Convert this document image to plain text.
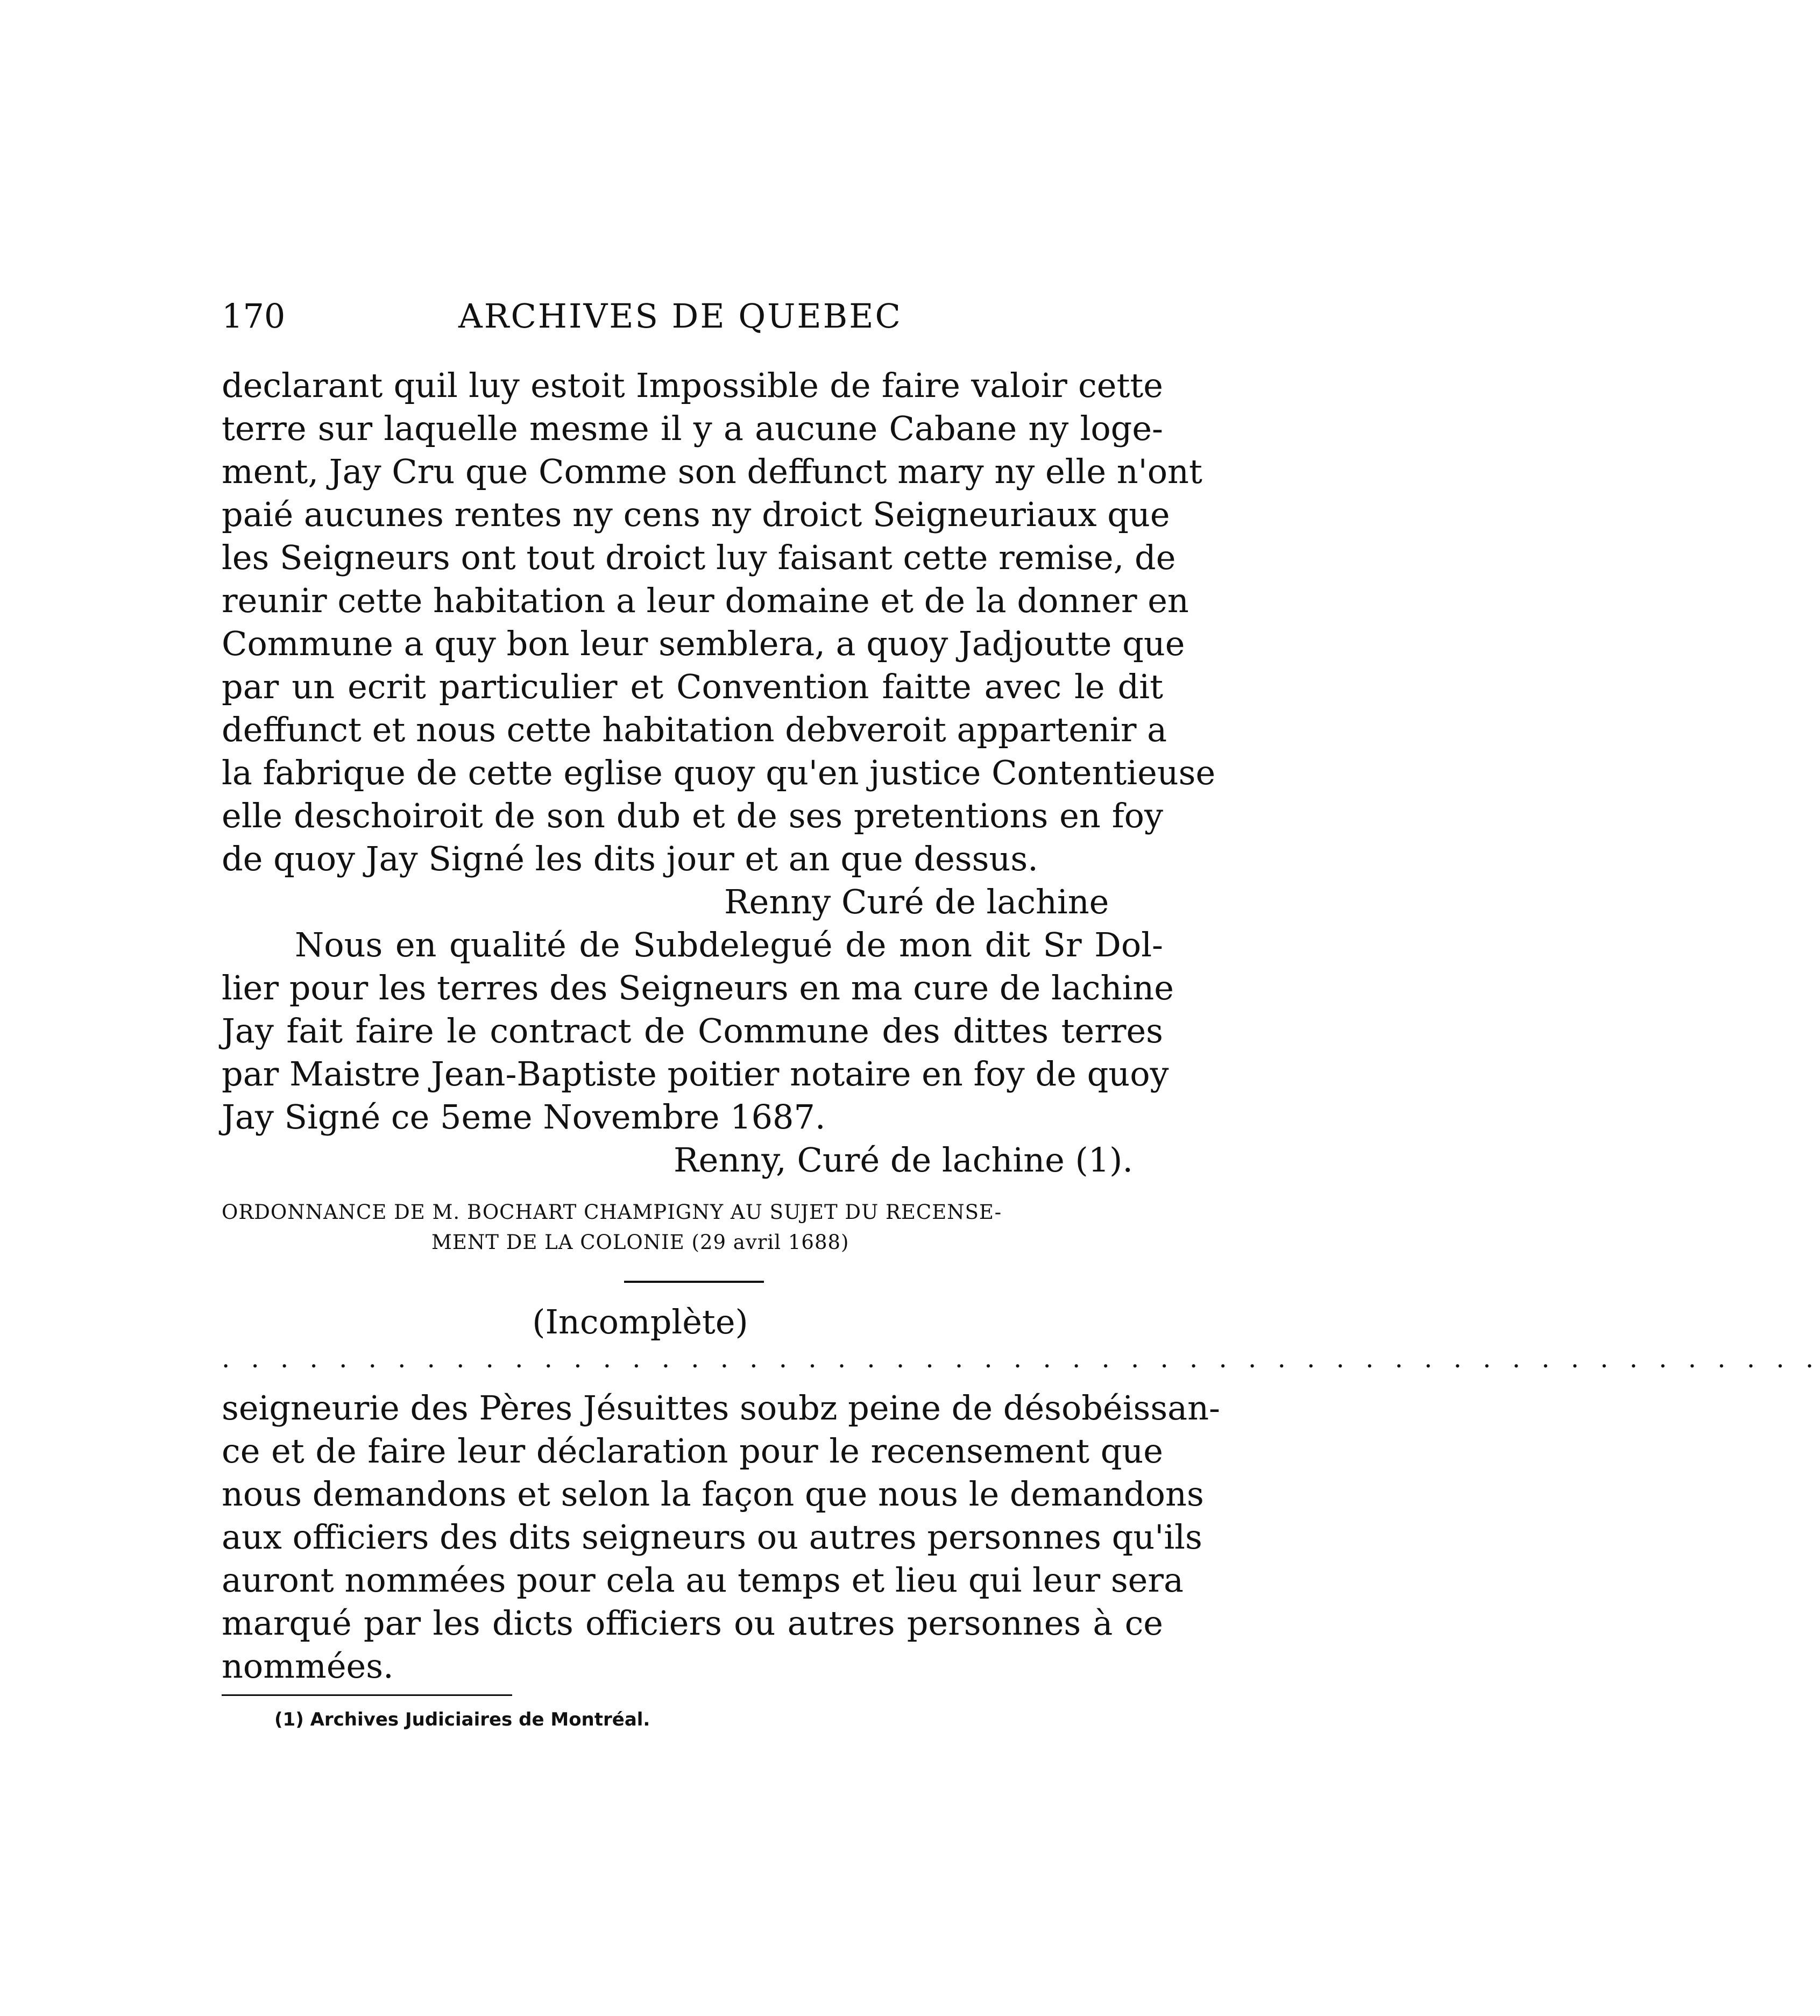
170	ARCHIVES DE QUEBEC
declarant quil luy estoit Impossible de faire valoir cette
terre sur laquelle mesme il y a aucune Cabane ny loge-
ment, Jay Cru que Comme son deffunct mary ny elle n'ont
paié aucunes rentes ny cens ny droict Seigneuriaux que
les Seigneurs ont tout droict luy faisant cette remise, de
reunir cette habitation a leur domaine et de la donner en
Commune a quy bon leur semblera, a quoy Jadjoutte que
par un ecrit particulier et Convention faitte avec le dit
deffunct et nous cette habitation debveroit appartenir a
la fabrique de cette eglise quoy qu'en justice Contentieuse
elle deschoiroit de son dub et de ses pretentions en foy
de quoy Jay Signé les dits jour et an que dessus.
Renny Curé de lachine
Nous en qualité de Subdelegué de mon dit Sr Dol-
lier pour les terres des Seigneurs en ma cure de lachine
Jay fait faire le contract de Commune des dittes terres
par Maistre Jean-Baptiste poitier notaire en foy de quoy
Jay Signé ce 5eme Novembre 1687.
Renny, Curé de lachine (1).
ORDONNANCE DE M. BOCHART CHAMPIGNY AU SUJET DU RECENSE-
MENT DE LA COLONIE (29 avril 1688)
(Incomplète)
. . . . . . . . . . . . . . . . . . . . . . . . . . . . . . . . . . . . . . . . . . . . . . . . . . . . . . .
seigneurie des Pères Jésuittes soubz peine de désobéissan-
ce et de faire leur déclaration pour le recensement que
nous demandons et selon la façon que nous le demandons
aux officiers des dits seigneurs ou autres personnes qu'ils
auront nommées pour cela au temps et lieu qui leur sera
marqué par les dicts officiers ou autres personnes à ce
nommées.
(1) Archives Judiciaires de Montréal.
